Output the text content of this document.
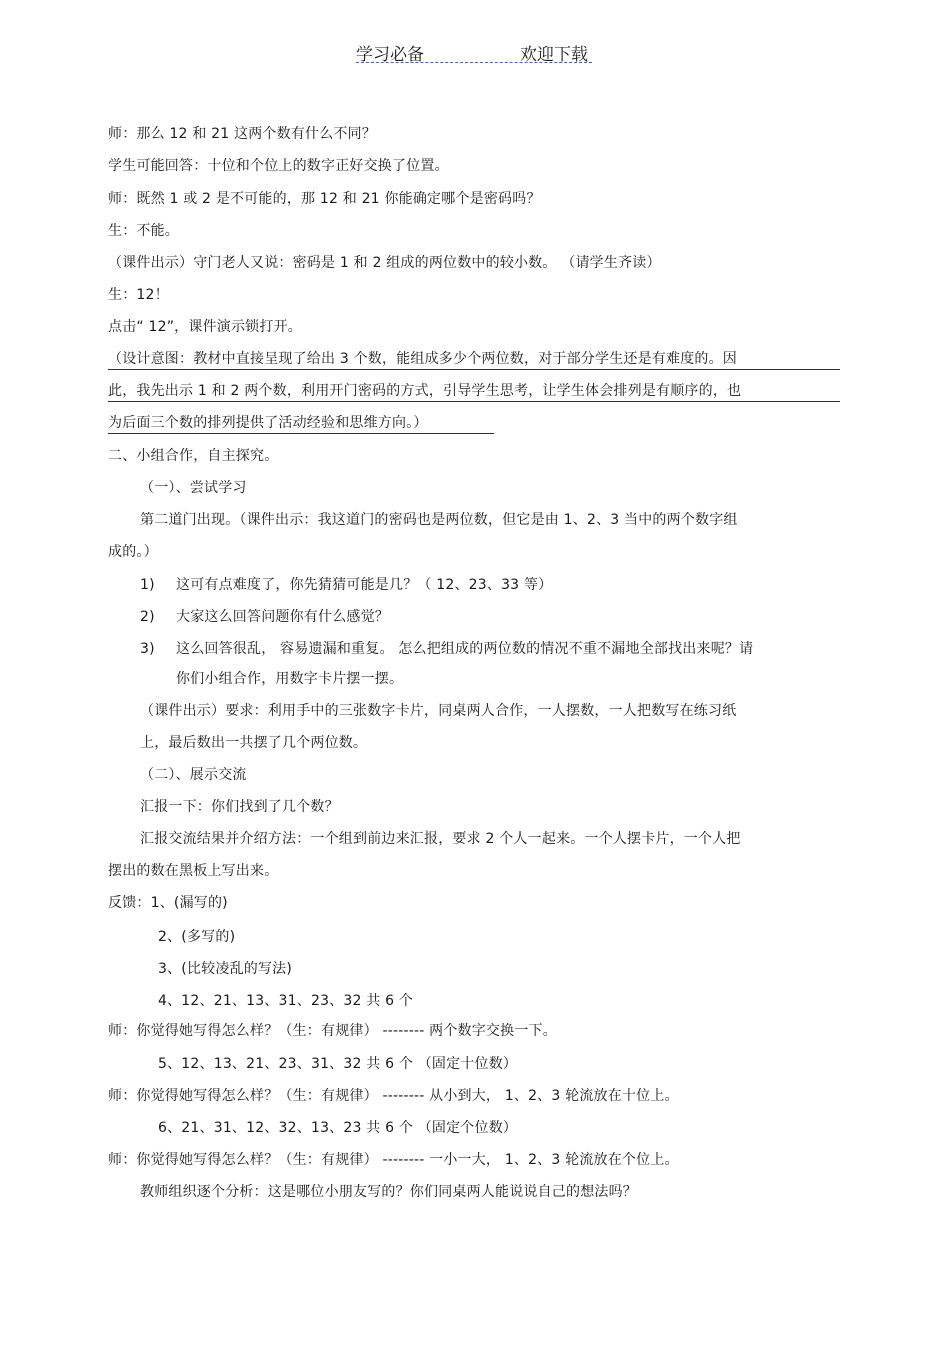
学习必备	欢迎下载

师：那么 12 和 21 这两个数有什么不同？
学生可能回答：十位和个位上的数字正好交换了位置。
师：既然 1 或 2 是不可能的，那 12 和 21 你能确定哪个是密码吗？
生：不能。
（课件出示）守门老人又说：密码是 1 和 2 组成的两位数中的较小数。 （请学生齐读）
生：12！
点击“ 12”，课件演示锁打开。
（设计意图：教材中直接呈现了给出 3 个数，能组成多少个两位数，对于部分学生还是有难度的。因
此，我先出示 1 和 2 两个数，利用开门密码的方式，引导学生思考，让学生体会排列是有顺序的，也
为后面三个数的排列提供了活动经验和思维方向。）
二、小组合作，自主探究。
（一）、尝试学习
第二道门出现。（课件出示：我这道门的密码也是两位数，但它是由 1、2、3 当中的两个数字组
成的。）
1) 这可有点难度了，你先猜猜可能是几？（ 12、23、33 等）
2) 大家这么回答问题你有什么感觉？
3) 这么回答很乱， 容易遗漏和重复。 怎么把组成的两位数的情况不重不漏地全部找出来呢？请
你们小组合作，用数字卡片摆一摆。
（课件出示）要求：利用手中的三张数字卡片，同桌两人合作，一人摆数，一人把数写在练习纸
上，最后数出一共摆了几个两位数。
（二）、展示交流
汇报一下：你们找到了几个数？
汇报交流结果并介绍方法：一个组到前边来汇报，要求 2 个人一起来。一个人摆卡片，一个人把
摆出的数在黑板上写出来。
反馈：1、(漏写的)
2、(多写的)
3、(比较凌乱的写法)
4、12、21、13、31、23、32 共 6 个
师：你觉得她写得怎么样？（生：有规律） -------- 两个数字交换一下。
5、12、13、21、23、31、32 共 6 个 （固定十位数）
师：你觉得她写得怎么样？（生：有规律） -------- 从小到大， 1、2、3 轮流放在十位上。
6、21、31、12、32、13、23 共 6 个 （固定个位数）
师：你觉得她写得怎么样？（生：有规律） -------- 一小一大， 1、2、3 轮流放在个位上。
教师组织逐个分析：这是哪位小朋友写的？你们同桌两人能说说自己的想法吗？
